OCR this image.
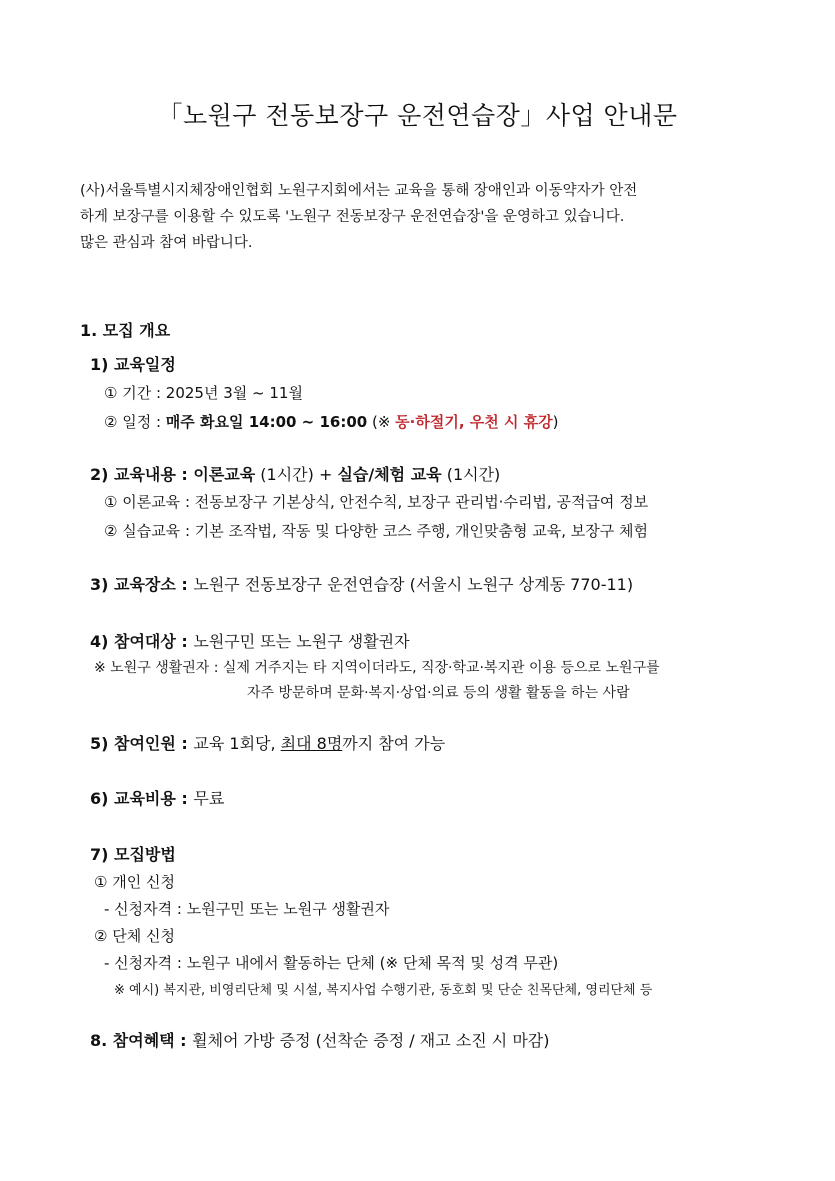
「노원구 전동보장구 운전연습장」사업 안내문
(사)서울특별시지체장애인협회 노원구지회에서는 교육을 통해 장애인과 이동약자가 안전
하게 보장구를 이용할 수 있도록 '노원구 전동보장구 운전연습장'을 운영하고 있습니다.
많은 관심과 참여 바랍니다.
1. 모집 개요
1) 교육일정
① 기간 : 2025년 3월 ~ 11월
② 일정 : 매주 화요일 14:00 ~ 16:00 (※ 동·하절기, 우천 시 휴강)
2) 교육내용 : 이론교육 (1시간) + 실습/체험 교육 (1시간)
① 이론교육 : 전동보장구 기본상식, 안전수칙, 보장구 관리법·수리법, 공적급여 정보
② 실습교육 : 기본 조작법, 작동 및 다양한 코스 주행, 개인맞춤형 교육, 보장구 체험
3) 교육장소 : 노원구 전동보장구 운전연습장 (서울시 노원구 상계동 770-11)
4) 참여대상 : 노원구민 또는 노원구 생활권자
※ 노원구 생활권자 : 실제 거주지는 타 지역이더라도, 직장·학교·복지관 이용 등으로 노원구를
자주 방문하며 문화·복지·상업·의료 등의 생활 활동을 하는 사람
5) 참여인원 : 교육 1회당, 최대 8명까지 참여 가능
6) 교육비용 : 무료
7) 모집방법
① 개인 신청
- 신청자격 : 노원구민 또는 노원구 생활권자
② 단체 신청
- 신청자격 : 노원구 내에서 활동하는 단체 (※ 단체 목적 및 성격 무관)
※ 예시) 복지관, 비영리단체 및 시설, 복지사업 수행기관, 동호회 및 단순 친목단체, 영리단체 등
8. 참여혜택 : 휠체어 가방 증정 (선착순 증정 / 재고 소진 시 마감)
